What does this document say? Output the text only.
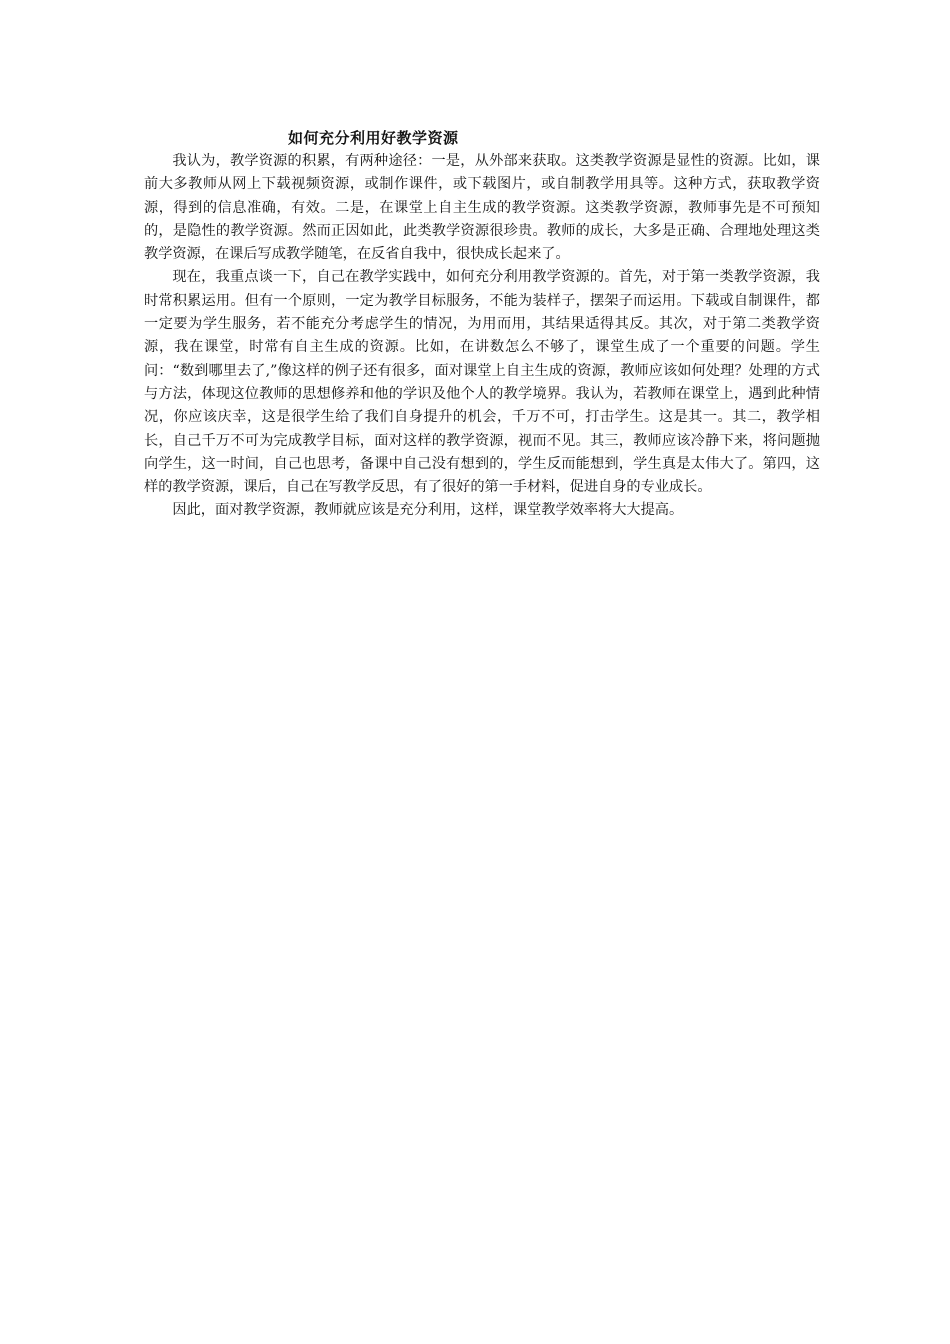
如何充分利用好教学资源

我认为，教学资源的积累，有两种途径：一是，从外部来获取。这类教学资源是显性的资源。比如，课前大多教师从网上下载视频资源，或制作课件，或下载图片，或自制教学用具等。这种方式，获取教学资源，得到的信息准确，有效。二是，在课堂上自主生成的教学资源。这类教学资源，教师事先是不可预知的，是隐性的教学资源。然而正因如此，此类教学资源很珍贵。教师的成长，大多是正确、合理地处理这类教学资源，在课后写成教学随笔，在反省自我中，很快成长起来了。

现在，我重点谈一下，自己在教学实践中，如何充分利用教学资源的。首先，对于第一类教学资源，我时常积累运用。但有一个原则，一定为教学目标服务，不能为装样子，摆架子而运用。下载或自制课件，都一定要为学生服务，若不能充分考虑学生的情况，为用而用，其结果适得其反。其次，对于第二类教学资源，我在课堂，时常有自主生成的资源。比如，在讲数怎么不够了，课堂生成了一个重要的问题。学生问：“数到哪里去了,”像这样的例子还有很多，面对课堂上自主生成的资源，教师应该如何处理？处理的方式与方法，体现这位教师的思想修养和他的学识及他个人的教学境界。我认为，若教师在课堂上，遇到此种情况，你应该庆幸，这是很学生给了我们自身提升的机会，千万不可，打击学生。这是其一。其二，教学相长，自己千万不可为完成教学目标，面对这样的教学资源，视而不见。其三，教师应该冷静下来，将问题抛向学生，这一时间，自己也思考，备课中自己没有想到的，学生反而能想到，学生真是太伟大了。第四，这样的教学资源，课后，自己在写教学反思，有了很好的第一手材料，促进自身的专业成长。

因此，面对教学资源，教师就应该是充分利用，这样，课堂教学效率将大大提高。
